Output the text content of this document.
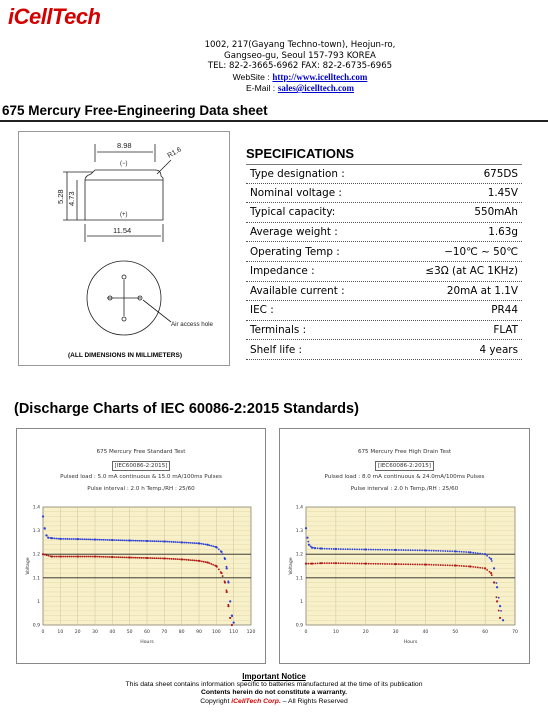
iCellTech
1002, 217(Gayang Techno-town), Heojun-ro,
Gangseo-gu, Seoul 157-793 KOREA
TEL: 82-2-3665-6962 FAX: 82-2-6735-6965
WebSite : http://www.icelltech.com
E-Mail : sales@icelltech.com
675 Mercury Free-Engineering Data sheet
8.98
(−)
R1.6
5.28 4.73
(+)
11.54
Air access hole
(ALL DIMENSIONS IN MILLIMETERS)
SPECIFICATIONS
Type designation :	675DS
Nominal voltage :	1.45V
Typical capacity:	550mAh
Average weight :	1.63g
Operating Temp :	−10℃ ~ 50℃
Impedance :	≤3Ω (at AC 1KHz)
Available current :	20mA at 1.1V
IEC :	PR44
Terminals :	FLAT
Shelf life :	4 years
(Discharge Charts of IEC 60086-2:2015 Standards)
675 Mercury Free Standard Test
[IEC60086-2:2015]
Pulsed load : 5.0 mA continuous & 15.0 mA/100ms Pulses
Pulse interval : 2.0 h Temp./RH : 25/60
0	10 20 30 40 50 60 70 80 90 100 110 120
0.9
1
1.1
1.2
1.3
1.4
Hours
Voltage
675 Mercury Free High Drain Test
[IEC60086-2:2015]
Pulsed load : 8.0 mA continuous & 24.0mA/100ms Pulses
Pulse interval : 2.0 h Temp./RH : 25/60
0	10	20	30	40	50	60	70
0.9
1
1.1
1.2
1.3
1.4
Hours
Voltage
Important Notice
This data sheet contains information specific to batteries manufactured at the time of its publication
Contents herein do not constitute a warranty.
Copyright iCellTech Corp. – All Rights Reserved
